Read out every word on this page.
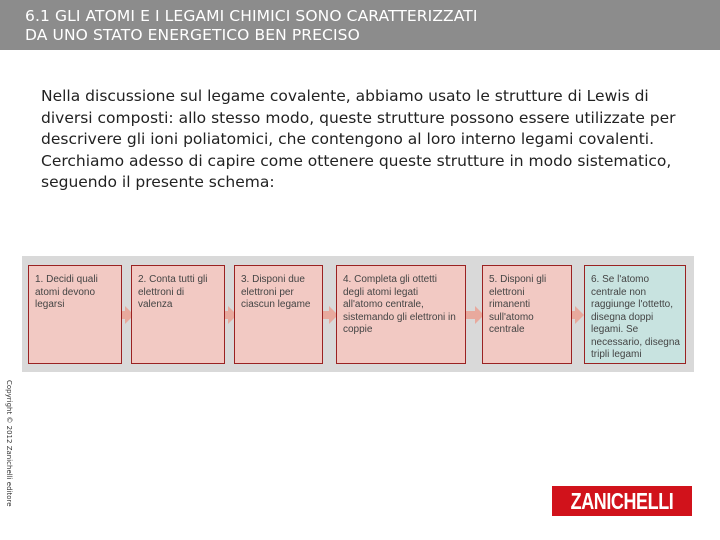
6.1 GLI ATOMI E I LEGAMI CHIMICI SONO CARATTERIZZATI
DA UNO STATO ENERGETICO BEN PRECISO
Nella discussione sul legame covalente, abbiamo usato le strutture di Lewis di diversi composti: allo stesso modo, queste strutture possono essere utilizzate per descrivere gli ioni poliatomici, che contengono al loro interno legami covalenti. Cerchiamo adesso di capire come ottenere queste strutture in modo sistematico, seguendo il presente schema:
1. Decidi quali atomi devono legarsi
2. Conta tutti gli elettroni di valenza
3. Disponi due elettroni per ciascun legame
4. Completa gli ottetti degli atomi legati all'atomo centrale, sistemando gli elettroni in coppie
5. Disponi gli elettroni rimanenti sull'atomo centrale
6. Se l'atomo centrale non raggiunge l'ottetto, disegna doppi legami. Se necessario, disegna tripli legami
Copyright © 2012 Zanichelli editore	ZANICHELLI
